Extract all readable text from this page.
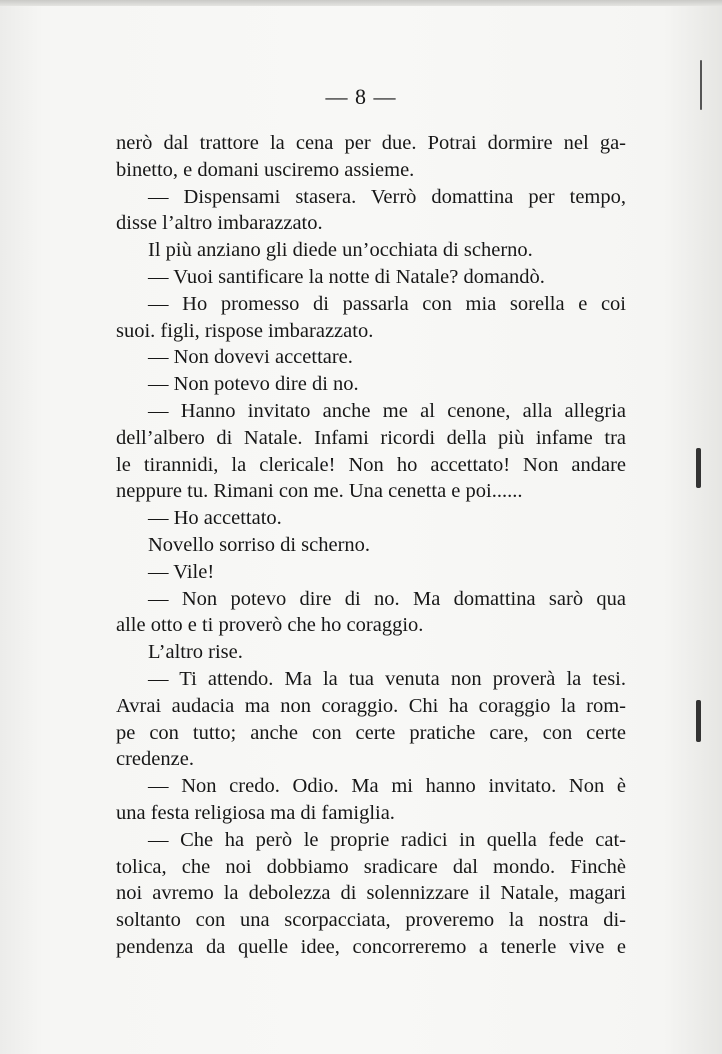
— 8 —
nerò dal trattore la cena per due. Potrai dormire nel ga-
binetto, e domani usciremo assieme.
— Dispensami stasera. Verrò domattina per tempo,
disse l’altro imbarazzato.
Il più anziano gli diede un’occhiata di scherno.
— Vuoi santificare la notte di Natale? domandò.
— Ho promesso di passarla con mia sorella e coi
suoi. figli, rispose imbarazzato.
— Non dovevi accettare.
— Non potevo dire di no.
— Hanno invitato anche me al cenone, alla allegria
dell’albero di Natale. Infami ricordi della più infame tra
le tirannidi, la clericale! Non ho accettato! Non andare
neppure tu. Rimani con me. Una cenetta e poi......
— Ho accettato.
Novello sorriso di scherno.
— Vile!
— Non potevo dire di no. Ma domattina sarò qua
alle otto e ti proverò che ho coraggio.
L’altro rise.
— Ti attendo. Ma la tua venuta non proverà la tesi.
Avrai audacia ma non coraggio. Chi ha coraggio la rom-
pe con tutto; anche con certe pratiche care, con certe
credenze.
— Non credo. Odio. Ma mi hanno invitato. Non è
una festa religiosa ma di famiglia.
— Che ha però le proprie radici in quella fede cat-
tolica, che noi dobbiamo sradicare dal mondo. Finchè
noi avremo la debolezza di solennizzare il Natale, magari
soltanto con una scorpacciata, proveremo la nostra di-
pendenza da quelle idee, concorreremo a tenerle vive e
